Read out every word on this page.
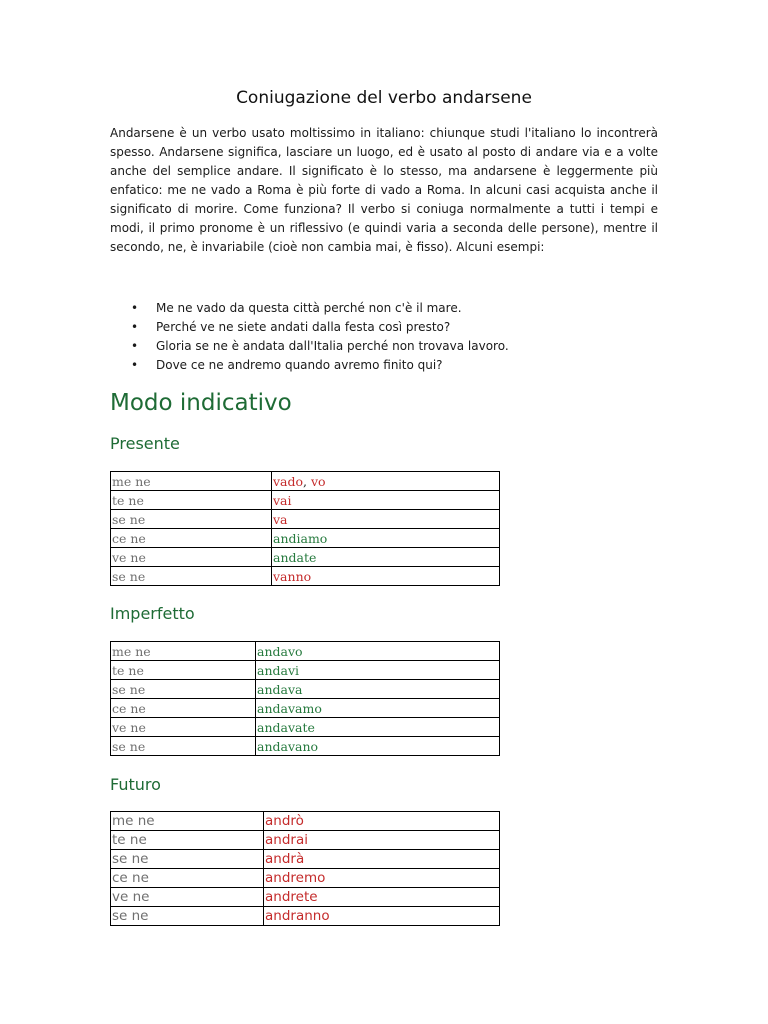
Coniugazione del verbo andarsene

Andarsene è un verbo usato moltissimo in italiano: chiunque studi l'italiano lo incontrerà spesso. Andarsene significa, lasciare un luogo, ed è usato al posto di andare via e a volte anche del semplice andare. Il significato è lo stesso, ma andarsene è leggermente più enfatico: me ne vado a Roma è più forte di vado a Roma. In alcuni casi acquista anche il significato di morire. Come funziona? Il verbo si coniuga normalmente a tutti i tempi e modi, il primo pronome è un riflessivo (e quindi varia a seconda delle persone), mentre il secondo, ne, è invariabile (cioè non cambia mai, è fisso). Alcuni esempi:

• Me ne vado da questa città perché non c'è il mare.
• Perché ve ne siete andati dalla festa così presto?
• Gloria se ne è andata dall'Italia perché non trovava lavoro.
• Dove ce ne andremo quando avremo finito qui?
Modo indicativo
Presente
me ne	vado, vo
te ne	vai
se ne	va
ce ne	andiamo
ve ne	andate
se ne	vanno
Imperfetto
me ne	andavo
te ne	andavi
se ne	andava
ce ne	andavamo
ve ne	andavate
se ne	andavano
Futuro
me ne	andrò
te ne	andrai
se ne	andrà
ce ne	andremo
ve ne	andrete
se ne	andranno
